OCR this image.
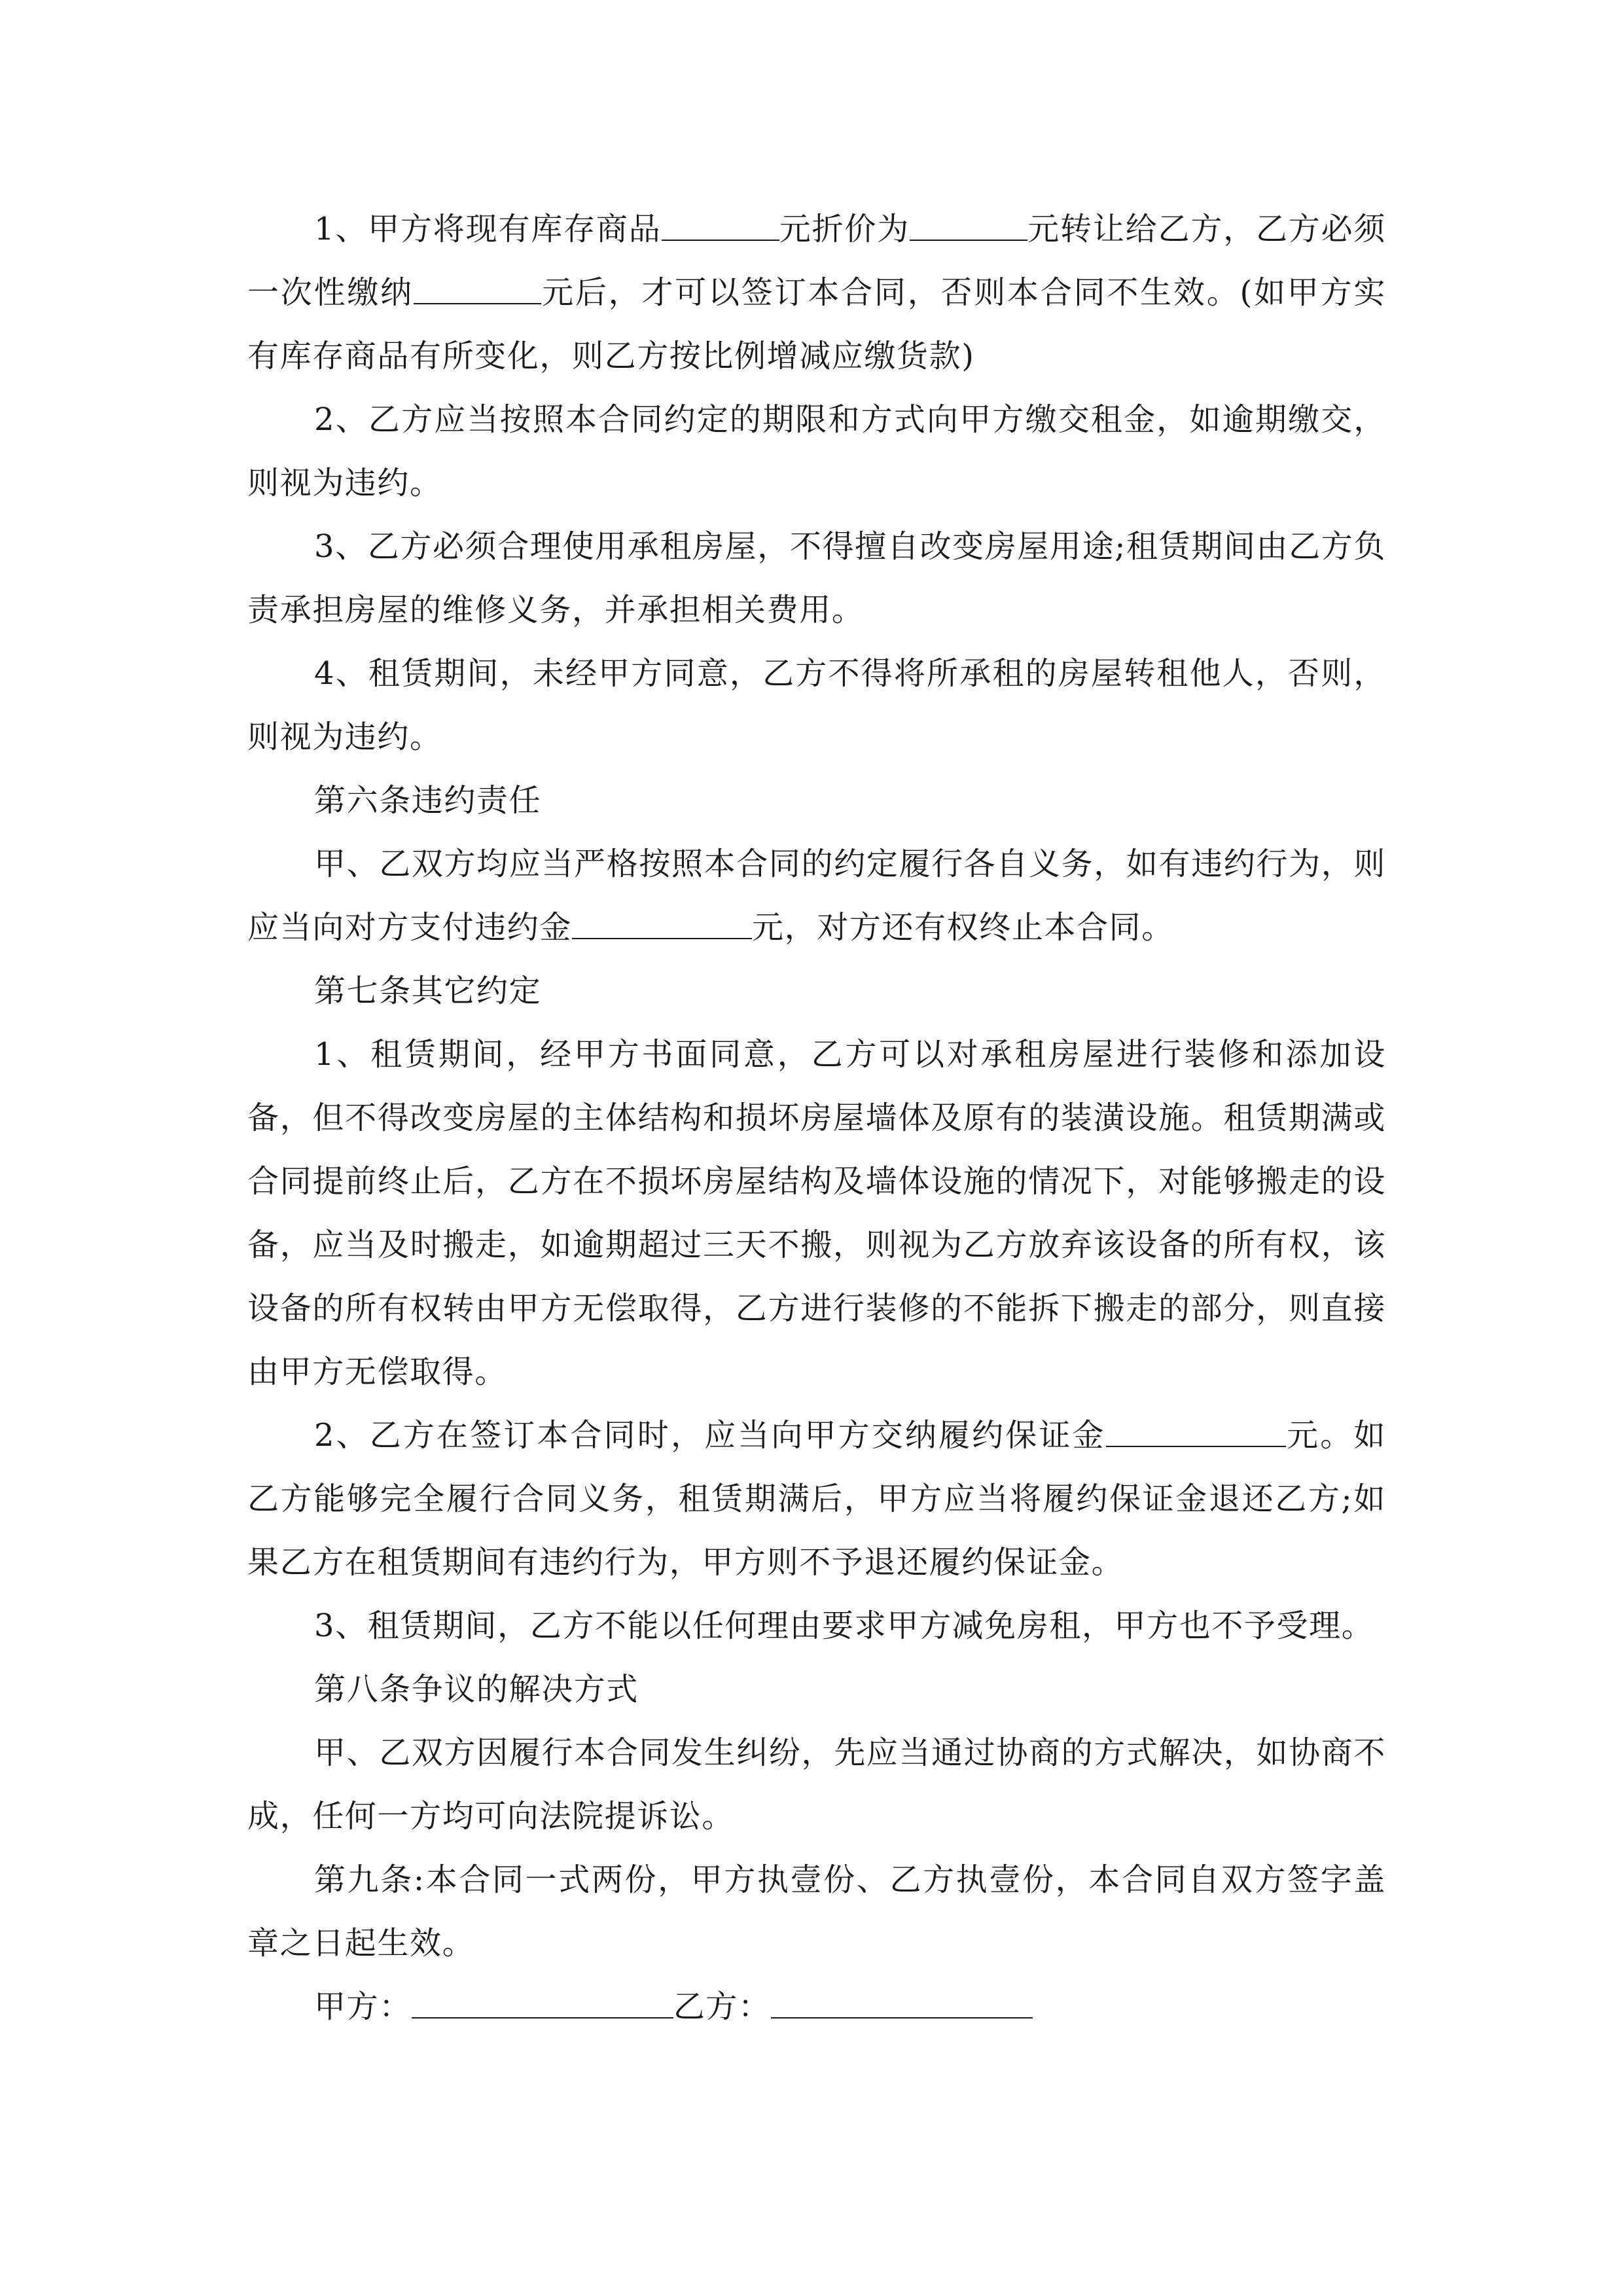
1、甲方将现有库存商品	元折价为	元转让给乙方，乙方必须一次性缴纳	元后，才可以签订本合同，否则本合同不生效。(如甲方实有库存商品有所变化，则乙方按比例增减应缴货款)

2、乙方应当按照本合同约定的期限和方式向甲方缴交租金，如逾期缴交，则视为违约。

3、乙方必须合理使用承租房屋，不得擅自改变房屋用途;租赁期间由乙方负责承担房屋的维修义务，并承担相关费用。

4、租赁期间，未经甲方同意，乙方不得将所承租的房屋转租他人，否则，则视为违约。

第六条违约责任

甲、乙双方均应当严格按照本合同的约定履行各自义务，如有违约行为，则应当向对方支付违约金	元，对方还有权终止本合同。

第七条其它约定

1、租赁期间，经甲方书面同意，乙方可以对承租房屋进行装修和添加设备，但不得改变房屋的主体结构和损坏房屋墙体及原有的装潢设施。租赁期满或合同提前终止后，乙方在不损坏房屋结构及墙体设施的情况下，对能够搬走的设备，应当及时搬走，如逾期超过三天不搬，则视为乙方放弃该设备的所有权，该设备的所有权转由甲方无偿取得，乙方进行装修的不能拆下搬走的部分，则直接由甲方无偿取得。

2、乙方在签订本合同时，应当向甲方交纳履约保证金	元。如乙方能够完全履行合同义务，租赁期满后，甲方应当将履约保证金退还乙方;如果乙方在租赁期间有违约行为，甲方则不予退还履约保证金。

3、租赁期间，乙方不能以任何理由要求甲方减免房租，甲方也不予受理。

第八条争议的解决方式

甲、乙双方因履行本合同发生纠纷，先应当通过协商的方式解决，如协商不成，任何一方均可向法院提诉讼。

第九条:本合同一式两份，甲方执壹份、乙方执壹份，本合同自双方签字盖章之日起生效。

甲方：	乙方：
